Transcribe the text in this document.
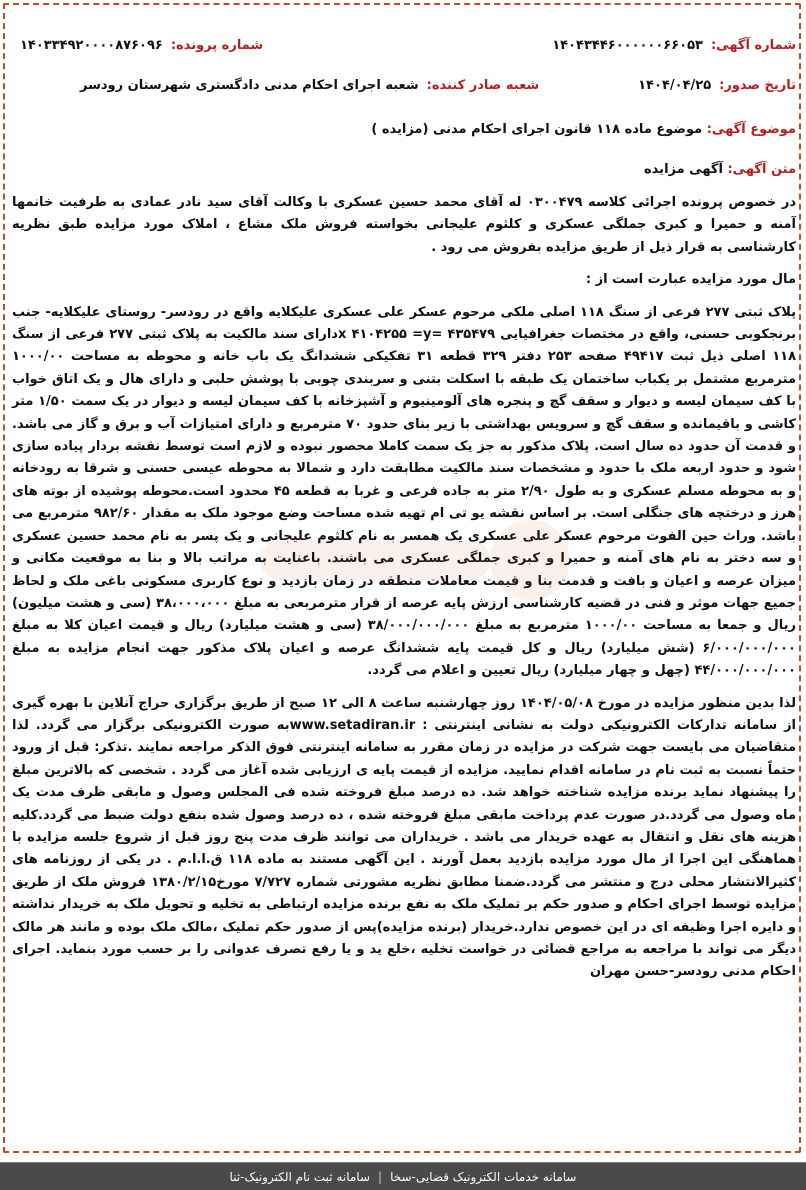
شماره آگهی:
۱۴۰۴۳۴۴۶۰۰۰۰۰۰۶۶۰۵۳
شماره پرونده:
۱۴۰۳۳۴۹۲۰۰۰۰۸۷۶۰۹۶
تاریخ صدور:
۱۴۰۴/۰۴/۲۵
شعبه صادر کننده:
شعبه اجرای احکام مدنی دادگستری شهرستان رودسر
موضوع آگهی: موضوع ماده ۱۱۸ قانون اجرای احکام مدنی (مزایده )
متن آگهی: آگهی مزایده
در خصوص پرونده اجرائی کلاسه ۰۳۰۰۴۷۹ له آقای محمد حسین عسکری با وکالت آقای سید نادر عمادی به طرفیت خانمها آمنه و حمیرا و کبری جملگی عسکری و کلثوم علیجانی بخواسته فروش ملک مشاع ، املاک مورد مزایده طبق نظریه کارشناسی به قرار ذیل از طریق مزایده بفروش می رود .
مال مورد مزایده عبارت است از :
پلاک ثبتی ۲۷۷ فرعی از سنگ ۱۱۸ اصلی ملکی مرحوم عسکر علی عسکری علیکلایه واقع در رودسر- روستای علیکلایه- جنب برنجکوبی حسنی، واقع در مختصات جغرافیایی ۴۳۵۴۷۹ =x ۴۱۰۴۲۵۵ =yدارای سند مالکیت به پلاک ثبتی ۲۷۷ فرعی از سنگ ۱۱۸ اصلی ذیل ثبت ۴۹۴۱۷ صفحه ۲۵۳ دفتر ۳۲۹ قطعه ۳۱ تفکیکی ششدانگ یک باب خانه و محوطه به مساحت ۱۰۰۰/۰۰ مترمربع مشتمل بر یکباب ساختمان یک طبقه با اسکلت بتنی و سربندی چوبی با پوشش حلبی و دارای هال و یک اتاق خواب با کف سیمان لیسه و دیوار و سقف گچ و پنجره های آلومینیوم و آشپزخانه با کف سیمان لیسه و دیوار در یک سمت ۱/۵۰ متر کاشی و باقیمانده و سقف گچ و سرویس بهداشتی با زیر بنای حدود ۷۰ مترمربع و دارای امتیازات آب و برق و گاز می باشد. و قدمت آن حدود ده سال است. پلاک مذکور به جز یک سمت کاملا محصور نبوده و لازم است توسط نقشه بردار پیاده سازی شود و حدود اربعه ملک با حدود و مشخصات سند مالکیت مطابقت دارد و شمالا به محوطه عیسی حسنی و شرقا به رودخانه و به محوطه مسلم عسکری و به طول ۲/۹۰ متر به جاده فرعی و غربا به قطعه ۴۵ محدود است.محوطه پوشیده از بوته های هرز و درختچه های جنگلی است. بر اساس نقشه یو تی ام تهیه شده مساحت وضع موجود ملک به مقدار ۹۸۲/۶۰ مترمربع می باشد. وراث حین الفوت مرحوم عسکر علی عسکری یک همسر به نام کلثوم علیجانی و یک پسر به نام محمد حسین عسکری و سه دختر به نام های آمنه و حمیرا و کبری جملگی عسکری می باشند. باعنایت به مراتب بالا و بنا به موقعیت مکانی و میزان عرصه و اعیان و بافت و قدمت بنا و قیمت معاملات منطقه در زمان بازدید و نوع کاربری مسکونی باغی ملک و لحاظ جمیع جهات موثر و فنی در قضیه کارشناسی ارزش پایه عرصه از قرار مترمربعی به مبلغ ۳۸،۰۰۰،۰۰۰ (سی و هشت میلیون) ریال و جمعا به مساحت ۱۰۰۰/۰۰ مترمربع به مبلغ ۳۸/۰۰۰/۰۰۰/۰۰۰ (سی و هشت میلیارد) ریال و قیمت اعیان کلا به مبلغ ۶/۰۰۰/۰۰۰/۰۰۰ (شش میلیارد) ریال و کل قیمت پایه ششدانگ عرصه و اعیان پلاک مذکور جهت انجام مزایده به مبلغ ۴۴/۰۰۰/۰۰۰/۰۰۰ (چهل و چهار میلیارد) ریال تعیین و اعلام می گردد.
لذا بدین منظور مزایده در مورخ ۱۴۰۴/۰۵/۰۸ روز چهارشنبه ساعت ۸ الی ۱۲ صبح از طریق برگزاری حراج آنلاین با بهره گیری از سامانه تدارکات الکترونیکی دولت به نشانی اینترنتی : www.setadiran.irبه صورت الکترونیکی برگزار می گردد. لذا متقاضیان می بایست جهت شرکت در مزایده در زمان مقرر به سامانه اینترنتی فوق الذکر مراجعه نمایند .تذکر: قبل از ورود حتماً نسبت به ثبت نام در سامانه اقدام نمایید. مزایده از قیمت پایه ی ارزیابی شده آغاز می گردد . شخصی که بالاترین مبلغ را پیشنهاد نماید برنده مزایده شناخته خواهد شد. ده درصد مبلغ فروخته شده فی المجلس وصول و مابقی ظرف مدت یک ماه وصول می گردد.در صورت عدم پرداخت مابقی مبلغ فروخته شده ، ده درصد وصول شده بنفع دولت ضبط می گردد.کلیه هزینه های نقل و انتقال به عهده خریدار می باشد . خریداران می توانند ظرف مدت پنج روز قبل از شروع جلسه مزایده با هماهنگی این اجرا از مال مورد مزایده بازدید بعمل آورند . این آگهی مستند به ماده ۱۱۸ ق.ا.ا.م . در یکی از روزنامه های کثیرالانتشار محلی درج و منتشر می گردد.ضمنا مطابق نظریه مشورتی شماره ۷/۷۲۷ مورخ۱۳۸۰/۲/۱۵ فروش ملک از طریق مزایده توسط اجرای احکام و صدور حکم بر تملیک ملک به نفع برنده مزایده ارتباطی به تخلیه و تحویل ملک به خریدار نداشته و دایره اجرا وظیفه ای در این خصوص ندارد.خریدار (برنده مزایده)پس از صدور حکم تملیک ،مالک ملک بوده و مانند هر مالک دیگر می تواند با مراجعه به مراجع قضائی در خواست تخلیه ،خلع ید و یا رفع تصرف عدوانی را بر حسب مورد بنماید. اجرای احکام مدنی رودسر-حسن مهران
سامانه خدمات الکترونیک قضایی-سخا
|
سامانه ثبت نام الکترونیک-ثنا
